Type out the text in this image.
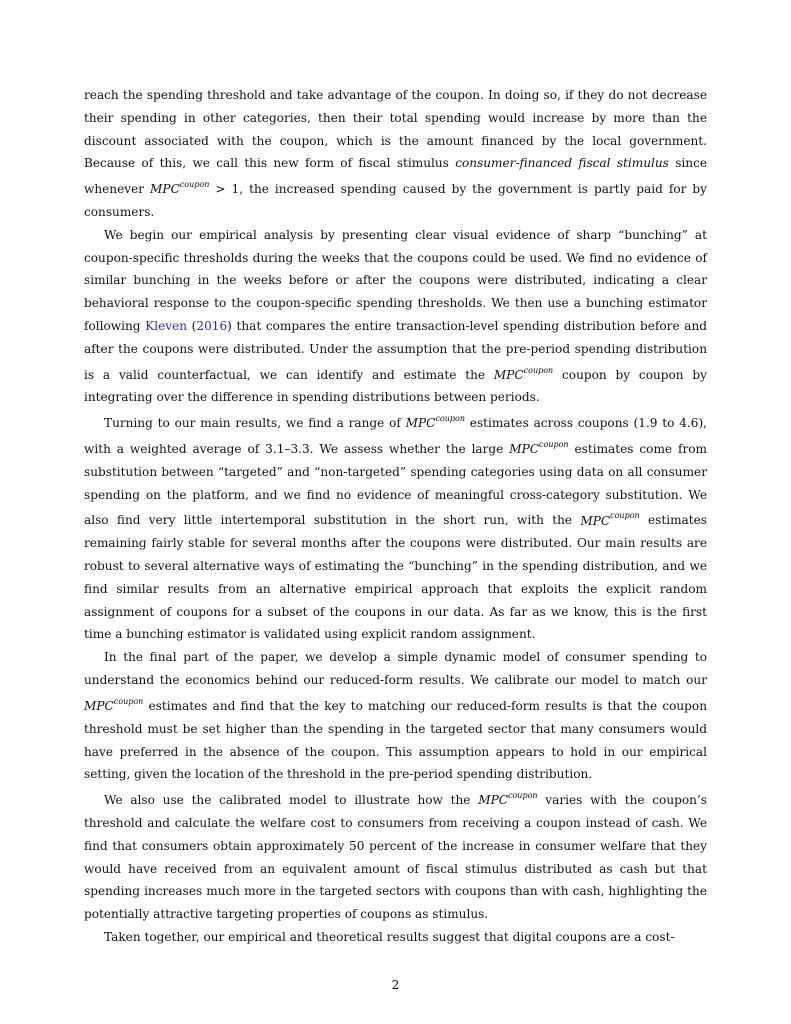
reach the spending threshold and take advantage of the coupon. In doing so, if they do not decrease their spending in other categories, then their total spending would increase by more than the discount associated with the coupon, which is the amount financed by the local government. Because of this, we call this new form of fiscal stimulus consumer-financed fiscal stimulus since whenever $MPC^{coupon} > 1$, the increased spending caused by the government is partly paid for by consumers.

We begin our empirical analysis by presenting clear visual evidence of sharp “bunching” at coupon-specific thresholds during the weeks that the coupons could be used. We find no evidence of similar bunching in the weeks before or after the coupons were distributed, indicating a clear behavioral response to the coupon-specific spending thresholds. We then use a bunching estimator following Kleven (2016) that compares the entire transaction-level spending distribution before and after the coupons were distributed. Under the assumption that the pre-period spending distribution is a valid counterfactual, we can identify and estimate the $MPC^{coupon}$ coupon by coupon by integrating over the difference in spending distributions between periods.

Turning to our main results, we find a range of $MPC^{coupon}$ estimates across coupons (1.9 to 4.6), with a weighted average of 3.1–3.3. We assess whether the large $MPC^{coupon}$ estimates come from substitution between “targeted” and “non-targeted” spending categories using data on all consumer spending on the platform, and we find no evidence of meaningful cross-category substitution. We also find very little intertemporal substitution in the short run, with the $MPC^{coupon}$ estimates remaining fairly stable for several months after the coupons were distributed. Our main results are robust to several alternative ways of estimating the “bunching” in the spending distribution, and we find similar results from an alternative empirical approach that exploits the explicit random assignment of coupons for a subset of the coupons in our data. As far as we know, this is the first time a bunching estimator is validated using explicit random assignment.

In the final part of the paper, we develop a simple dynamic model of consumer spending to understand the economics behind our reduced-form results. We calibrate our model to match our $MPC^{coupon}$ estimates and find that the key to matching our reduced-form results is that the coupon threshold must be set higher than the spending in the targeted sector that many consumers would have preferred in the absence of the coupon. This assumption appears to hold in our empirical setting, given the location of the threshold in the pre-period spending distribution.

We also use the calibrated model to illustrate how the $MPC^{coupon}$ varies with the coupon’s threshold and calculate the welfare cost to consumers from receiving a coupon instead of cash. We find that consumers obtain approximately 50 percent of the increase in consumer welfare that they would have received from an equivalent amount of fiscal stimulus distributed as cash but that spending increases much more in the targeted sectors with coupons than with cash, highlighting the potentially attractive targeting properties of coupons as stimulus.

Taken together, our empirical and theoretical results suggest that digital coupons are a cost-

2
